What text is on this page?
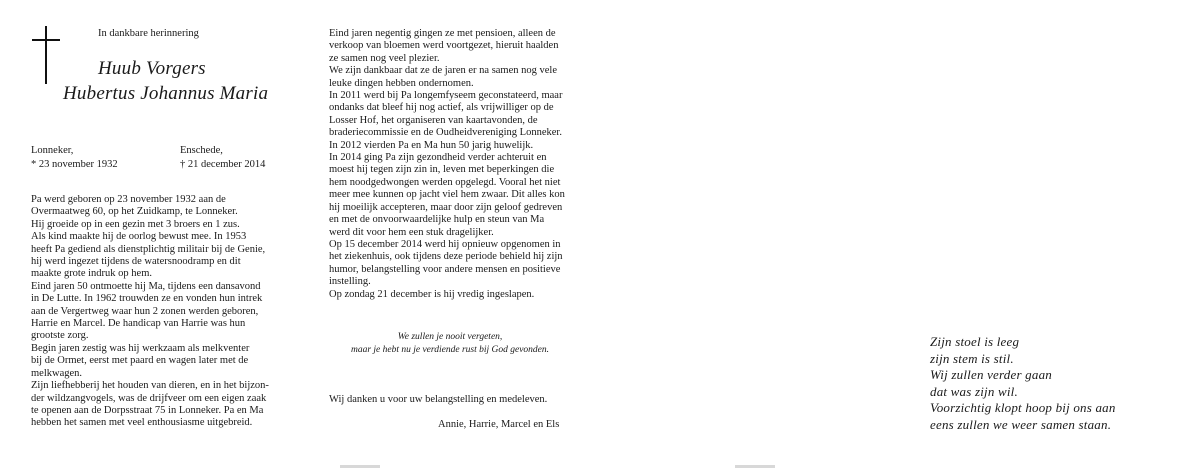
In dankbare herinnering
Huub Vorgers
Hubertus Johannus Maria
Lonneker,
* 23 november 1932
Enschede,
† 21 december 2014
Pa werd geboren op 23 november 1932 aan de
Overmaatweg 60, op het Zuidkamp, te Lonneker.
Hij groeide op in een gezin met 3 broers en 1 zus.
Als kind maakte hij de oorlog bewust mee. In 1953
heeft Pa gediend als dienstplichtig militair bij de Genie,
hij werd ingezet tijdens de watersnoodramp en dit
maakte grote indruk op hem.
Eind jaren 50 ontmoette hij Ma, tijdens een dansavond
in De Lutte. In 1962 trouwden ze en vonden hun intrek
aan de Vergertweg waar hun 2 zonen werden geboren,
Harrie en Marcel. De handicap van Harrie was hun
grootste zorg.
Begin jaren zestig was hij werkzaam als melkventer
bij de Ormet, eerst met paard en wagen later met de
melkwagen.
Zijn liefhebberij het houden van dieren, en in het bijzon-
der wildzangvogels, was de drijfveer om een eigen zaak
te openen aan de Dorpsstraat 75 in Lonneker. Pa en Ma
hebben het samen met veel enthousiasme uitgebreid.
Eind jaren negentig gingen ze met pensioen, alleen de
verkoop van bloemen werd voortgezet, hieruit haalden
ze samen nog veel plezier.
We zijn dankbaar dat ze de jaren er na samen nog vele
leuke dingen hebben ondernomen.
In 2011 werd bij Pa longemfyseem geconstateerd, maar
ondanks dat bleef hij nog actief, als vrijwilliger op de
Losser Hof, het organiseren van kaartavonden, de
braderiecommissie en de Oudheidvereniging Lonneker.
In 2012 vierden Pa en Ma hun 50 jarig huwelijk.
In 2014 ging Pa zijn gezondheid verder achteruit en
moest hij tegen zijn zin in, leven met beperkingen die
hem noodgedwongen werden opgelegd. Vooral het niet
meer mee kunnen op jacht viel hem zwaar. Dit alles kon
hij moeilijk accepteren, maar door zijn geloof gedreven
en met de onvoorwaardelijke hulp en steun van Ma
werd dit voor hem een stuk dragelijker.
Op 15 december 2014 werd hij opnieuw opgenomen in
het ziekenhuis, ook tijdens deze periode behield hij zijn
humor, belangstelling voor andere mensen en positieve
instelling.
Op zondag 21 december is hij vredig ingeslapen.
We zullen je nooit vergeten,
maar je hebt nu je verdiende rust bij God gevonden.
Wij danken u voor uw belangstelling en medeleven.
Annie, Harrie, Marcel en Els
Zijn stoel is leeg
zijn stem is stil.
Wij zullen verder gaan
dat was zijn wil.
Voorzichtig klopt hoop bij ons aan
eens zullen we weer samen staan.
